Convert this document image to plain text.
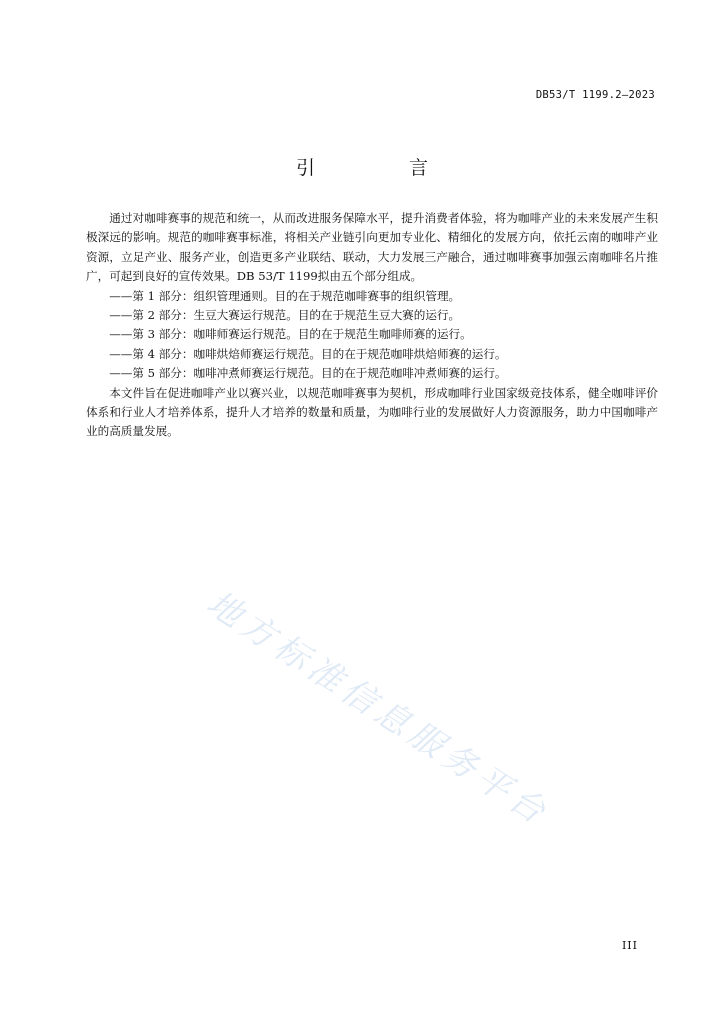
DB53/T 1199.2—2023
引 言

通过对咖啡赛事的规范和统一，从而改进服务保障水平，提升消费者体验，将为咖啡产业的未来发展产生积极深远的影响。规范的咖啡赛事标准，将相关产业链引向更加专业化、精细化的发展方向，依托云南的咖啡产业资源，立足产业、服务产业，创造更多产业联结、联动，大力发展三产融合，通过咖啡赛事加强云南咖啡名片推广，可起到良好的宣传效果。DB 53/T 1199拟由五个部分组成。

——第 1 部分：组织管理通则。目的在于规范咖啡赛事的组织管理。

——第 2 部分：生豆大赛运行规范。目的在于规范生豆大赛的运行。

——第 3 部分：咖啡师赛运行规范。目的在于规范生咖啡师赛的运行。

——第 4 部分：咖啡烘焙师赛运行规范。目的在于规范咖啡烘焙师赛的运行。

——第 5 部分：咖啡冲煮师赛运行规范。目的在于规范咖啡冲煮师赛的运行。

本文件旨在促进咖啡产业以赛兴业，以规范咖啡赛事为契机，形成咖啡行业国家级竞技体系，健全咖啡评价体系和行业人才培养体系，提升人才培养的数量和质量，为咖啡行业的发展做好人力资源服务，助力中国咖啡产业的高质量发展。

地方标准信息服务平台
III
